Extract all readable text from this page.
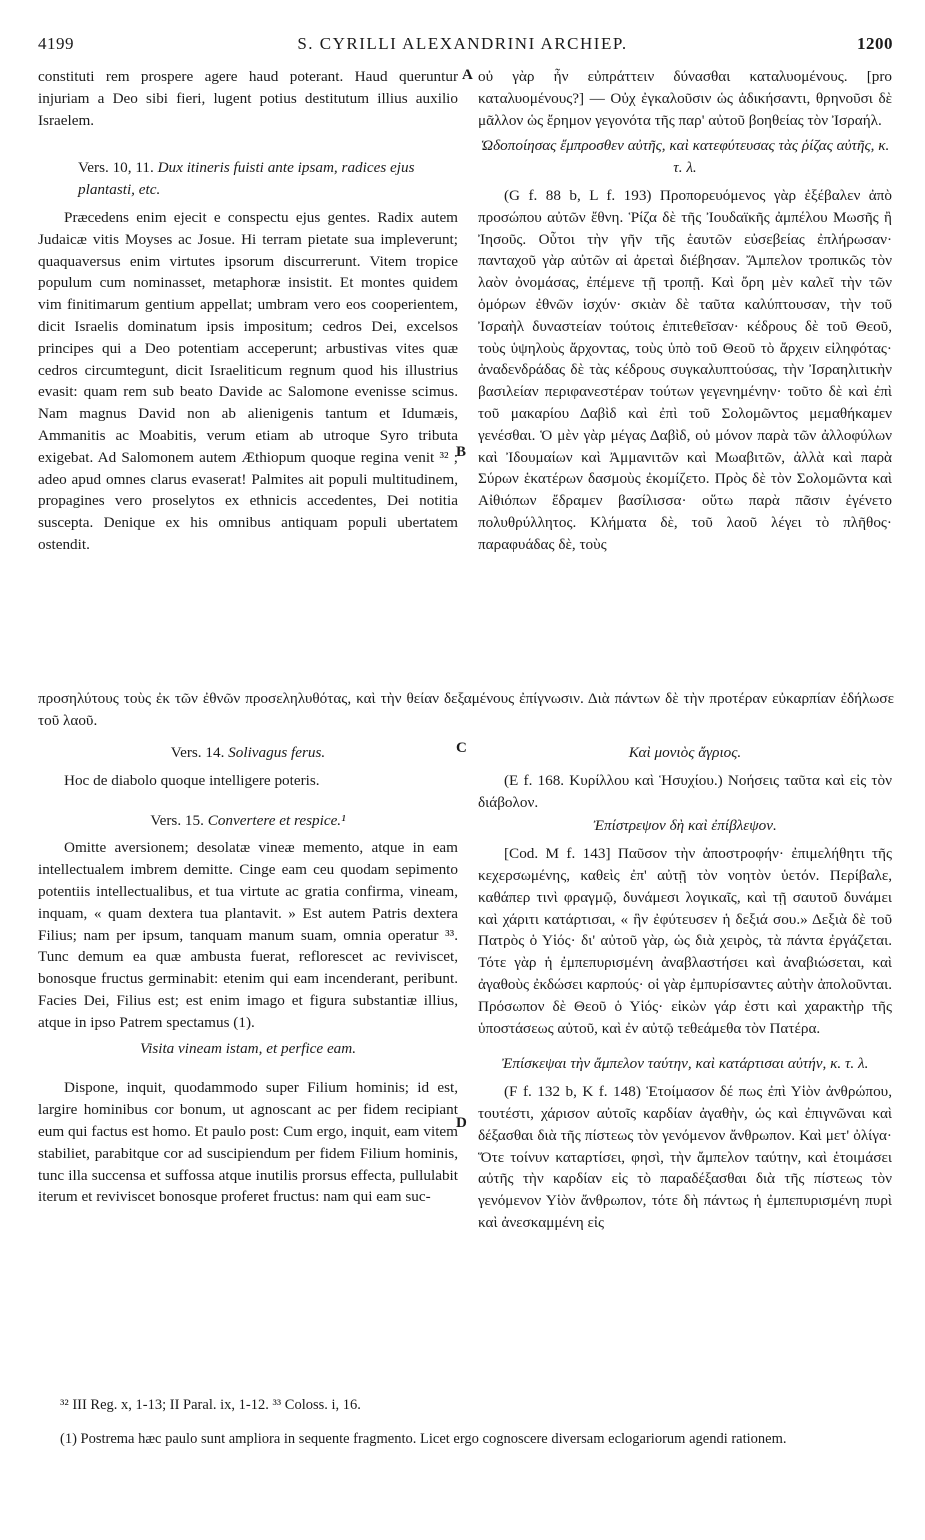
4199	S. CYRILLI ALEXANDRINI ARCHIEP.	1200
A
B
C
D

constituti rem prospere agere haud poterant. Haud queruntur injuriam a Deo sibi fieri, lugent potius destitutum illius auxilio Israelem.

Vers. 10, 11. Dux itineris fuisti ante ipsam, radices ejus plantasti, etc.

Præcedens enim ejecit e conspectu ejus gentes. Radix autem Judaicæ vitis Moyses ac Josue. Hi terram pietate sua impleverunt; quaquaversus enim virtutes ipsorum discurrerunt. Vitem tropice populum cum nominasset, metaphoræ insistit. Et montes quidem vim finitimarum gentium appellat; umbram vero eos cooperientem, dicit Israelis dominatum ipsis impositum; cedros Dei, excelsos principes qui a Deo potentiam acceperunt; arbustivas vites quæ cedros circumtegunt, dicit Israeliticum regnum quod his illustrius evasit: quam rem sub beato Davide ac Salomone evenisse scimus. Nam magnus David non ab alienigenis tantum et Idumæis, Ammanitis ac Moabitis, verum etiam ab utroque Syro tributa exigebat. Ad Salomonem autem Æthiopum quoque regina venit ³² ; adeo apud omnes clarus evaserat! Palmites ait populi multitudinem, propagines vero proselytos ex ethnicis accedentes, Dei notitia suscepta. Denique ex his omnibus antiquam populi ubertatem ostendit.

οὐ γὰρ ἦν εὐπράττειν δύνασθαι καταλυομένους. [pro καταλυομένους?] — Οὐχ ἐγκαλοῦσιν ὡς ἀδικήσαντι, θρηνοῦσι δὲ μᾶλλον ὡς ἔρημον γεγονότα τῆς παρ' αὐτοῦ βοηθείας τὸν Ἰσραήλ.

Ὡδοποίησας ἔμπροσθεν αὐτῆς, καὶ κατεφύτευσας τὰς ῥίζας αὐτῆς, κ. τ. λ.

(G f. 88 b, L f. 193) Προπορευόμενος γὰρ ἐξέβαλεν ἀπὸ προσώπου αὐτῶν ἔθνη. Ῥίζα δὲ τῆς Ἰουδαϊκῆς ἀμπέλου Μωσῆς ἢ Ἰησοῦς. Οὗτοι τὴν γῆν τῆς ἑαυτῶν εὐσεβείας ἐπλήρωσαν· πανταχοῦ γὰρ αὐτῶν αἱ ἀρεταὶ διέβησαν. Ἄμπελον τροπικῶς τὸν λαὸν ὀνομάσας, ἐπέμενε τῇ τροπῇ. Καὶ ὄρη μὲν καλεῖ τὴν τῶν ὁμόρων ἐθνῶν ἰσχύν· σκιὰν δὲ ταῦτα καλύπτουσαν, τὴν τοῦ Ἰσραὴλ δυναστείαν τούτοις ἐπιτεθεῖσαν· κέδρους δὲ τοῦ Θεοῦ, τοὺς ὑψηλοὺς ἄρχοντας, τοὺς ὑπὸ τοῦ Θεοῦ τὸ ἄρχειν εἰληφότας· ἀναδενδράδας δὲ τὰς κέδρους συγκαλυπτούσας, τὴν Ἰσραηλιτικὴν βασιλείαν περιφανεστέραν τούτων γεγενημένην· τοῦτο δὲ καὶ ἐπὶ τοῦ μακαρίου Δαβὶδ καὶ ἐπὶ τοῦ Σολομῶντος μεμαθήκαμεν γενέσθαι. Ὁ μὲν γὰρ μέγας Δαβὶδ, οὐ μόνον παρὰ τῶν ἀλλοφύλων καὶ Ἰδουμαίων καὶ Ἀμμανιτῶν καὶ Μωαβιτῶν, ἀλλὰ καὶ παρὰ Σύρων ἑκατέρων δασμοὺς ἐκομίζετο. Πρὸς δὲ τὸν Σολομῶντα καὶ Αἰθιόπων ἔδραμεν βασίλισσα· οὕτω παρὰ πᾶσιν ἐγένετο πολυθρύλλητος. Κλήματα δὲ, τοῦ λαοῦ λέγει τὸ πλῆθος· παραφυάδας δὲ, τοὺς

προσηλύτους τοὺς ἐκ τῶν ἐθνῶν προσεληλυθότας, καὶ τὴν θείαν δεξαμένους ἐπίγνωσιν. Διὰ πάντων δὲ τὴν προτέραν εὐκαρπίαν ἐδήλωσε τοῦ λαοῦ.

Vers. 14. Solivagus ferus.

Hoc de diabolo quoque intelligere poteris.

Vers. 15. Convertere et respice.¹

Omitte aversionem; desolatæ vineæ memento, atque in eam intellectualem imbrem demitte. Cinge eam ceu quodam sepimento potentiis intellectualibus, et tua virtute ac gratia confirma, vineam, inquam, « quam dextera tua plantavit. » Est autem Patris dextera Filius; nam per ipsum, tanquam manum suam, omnia operatur ³³. Tunc demum ea quæ ambusta fuerat, reflorescet ac reviviscet, bonosque fructus germinabit: etenim qui eam incenderant, peribunt. Facies Dei, Filius est; est enim imago et figura substantiæ illius, atque in ipso Patrem spectamus (1).

Visita vineam istam, et perfice eam.

Dispone, inquit, quodammodo super Filium hominis; id est, largire hominibus cor bonum, ut agnoscant ac per fidem recipiant eum qui factus est homo. Et paulo post: Cum ergo, inquit, eam vitem stabiliet, parabitque cor ad suscipiendum per fidem Filium hominis, tunc illa succensa et suffossa atque inutilis prorsus effecta, pullulabit iterum et reviviscet bonosque proferet fructus: nam qui eam suc-

Καὶ μονιὸς ἄγριος.

(E f. 168. Κυρίλλου καὶ Ἡσυχίου.) Νοήσεις ταῦτα καὶ εἰς τὸν διάβολον.

Ἐπίστρεψον δὴ καὶ ἐπίβλεψον.

[Cod. M f. 143] Παῦσον τὴν ἀποστροφήν· ἐπιμελήθητι τῆς κεχερσωμένης, καθεὶς ἐπ' αὐτῇ τὸν νοητὸν ὑετόν. Περίβαλε, καθάπερ τινὶ φραγμῷ, δυνάμεσι λογικαῖς, καὶ τῇ σαυτοῦ δυνάμει καὶ χάριτι κατάρτισαι, « ἣν ἐφύτευσεν ἡ δεξιά σου.» Δεξιὰ δὲ τοῦ Πατρὸς ὁ Υἱός· δι' αὐτοῦ γὰρ, ὡς διὰ χειρὸς, τὰ πάντα ἐργάζεται. Τότε γὰρ ἡ ἐμπεπυρισμένη ἀναβλαστήσει καὶ ἀναβιώσεται, καὶ ἀγαθοὺς ἐκδώσει καρπούς· οἱ γὰρ ἐμπυρίσαντες αὐτὴν ἀπολοῦνται. Πρόσωπον δὲ Θεοῦ ὁ Υἱός· εἰκὼν γάρ ἐστι καὶ χαρακτὴρ τῆς ὑποστάσεως αὐτοῦ, καὶ ἐν αὐτῷ τεθεάμεθα τὸν Πατέρα.

Ἐπίσκεψαι τὴν ἄμπελον ταύτην, καὶ κατάρτισαι αὐτήν, κ. τ. λ.

(F f. 132 b, K f. 148) Ἑτοίμασον δέ πως ἐπὶ Υἱὸν ἀνθρώπου, τουτέστι, χάρισον αὐτοῖς καρδίαν ἀγαθὴν, ὡς καὶ ἐπιγνῶναι καὶ δέξασθαι διὰ τῆς πίστεως τὸν γενόμενον ἄνθρωπον. Καὶ μετ' ὀλίγα· Ὅτε τοίνυν καταρτίσει, φησὶ, τὴν ἄμπελον ταύτην, καὶ ἑτοιμάσει αὐτῆς τὴν καρδίαν εἰς τὸ παραδέξασθαι διὰ τῆς πίστεως τὸν γενόμενον Υἱὸν ἄνθρωπον, τότε δὴ πάντως ἡ ἐμπεπυρισμένη πυρὶ καὶ ἀνεσκαμμένη εἰς

³² III Reg. x, 1-13; II Paral. ix, 1-12. ³³ Coloss. i, 16.

(1) Postrema hæc paulo sunt ampliora in sequente fragmento. Licet ergo cognoscere diversam eclogariorum agendi rationem.
